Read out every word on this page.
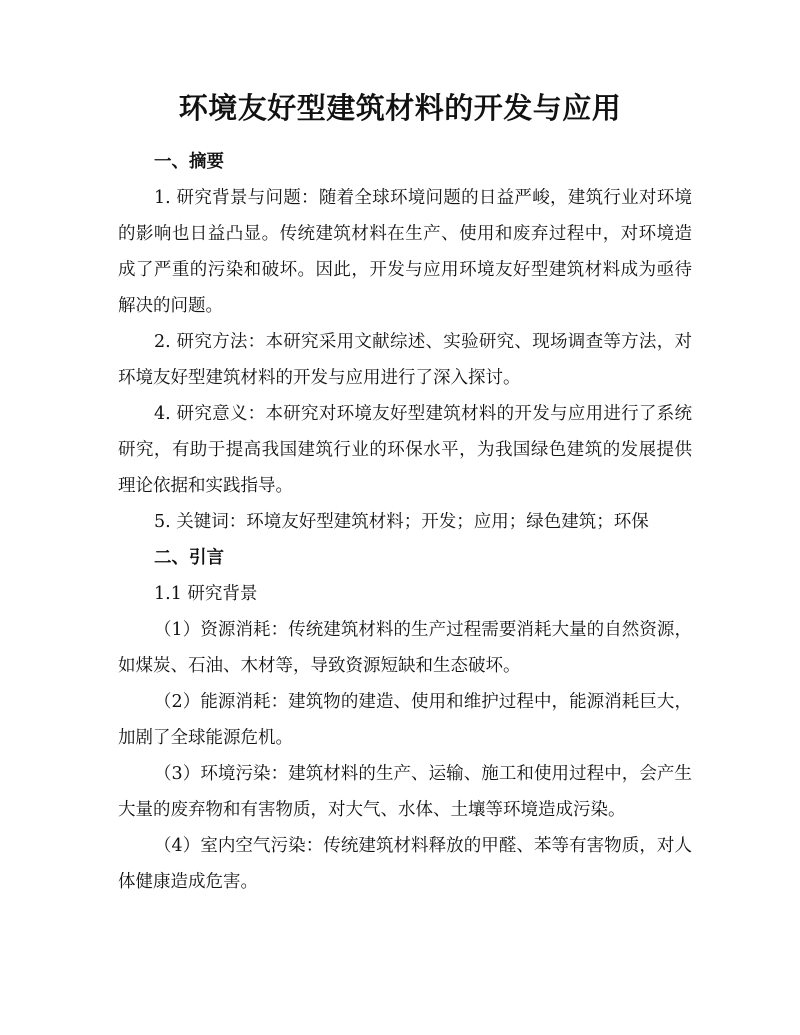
环境友好型建筑材料的开发与应用

一、摘要

1. 研究背景与问题：随着全球环境问题的日益严峻，建筑行业对环境的影响也日益凸显。传统建筑材料在生产、使用和废弃过程中，对环境造成了严重的污染和破坏。因此，开发与应用环境友好型建筑材料成为亟待解决的问题。

2. 研究方法：本研究采用文献综述、实验研究、现场调查等方法，对环境友好型建筑材料的开发与应用进行了深入探讨。

4. 研究意义：本研究对环境友好型建筑材料的开发与应用进行了系统研究，有助于提高我国建筑行业的环保水平，为我国绿色建筑的发展提供理论依据和实践指导。

5. 关键词：环境友好型建筑材料；开发；应用；绿色建筑；环保

二、引言

1.1 研究背景

（1）资源消耗：传统建筑材料的生产过程需要消耗大量的自然资源，如煤炭、石油、木材等，导致资源短缺和生态破坏。

（2）能源消耗：建筑物的建造、使用和维护过程中，能源消耗巨大，加剧了全球能源危机。

（3）环境污染：建筑材料的生产、运输、施工和使用过程中，会产生大量的废弃物和有害物质，对大气、水体、土壤等环境造成污染。

（4）室内空气污染：传统建筑材料释放的甲醛、苯等有害物质，对人体健康造成危害。
